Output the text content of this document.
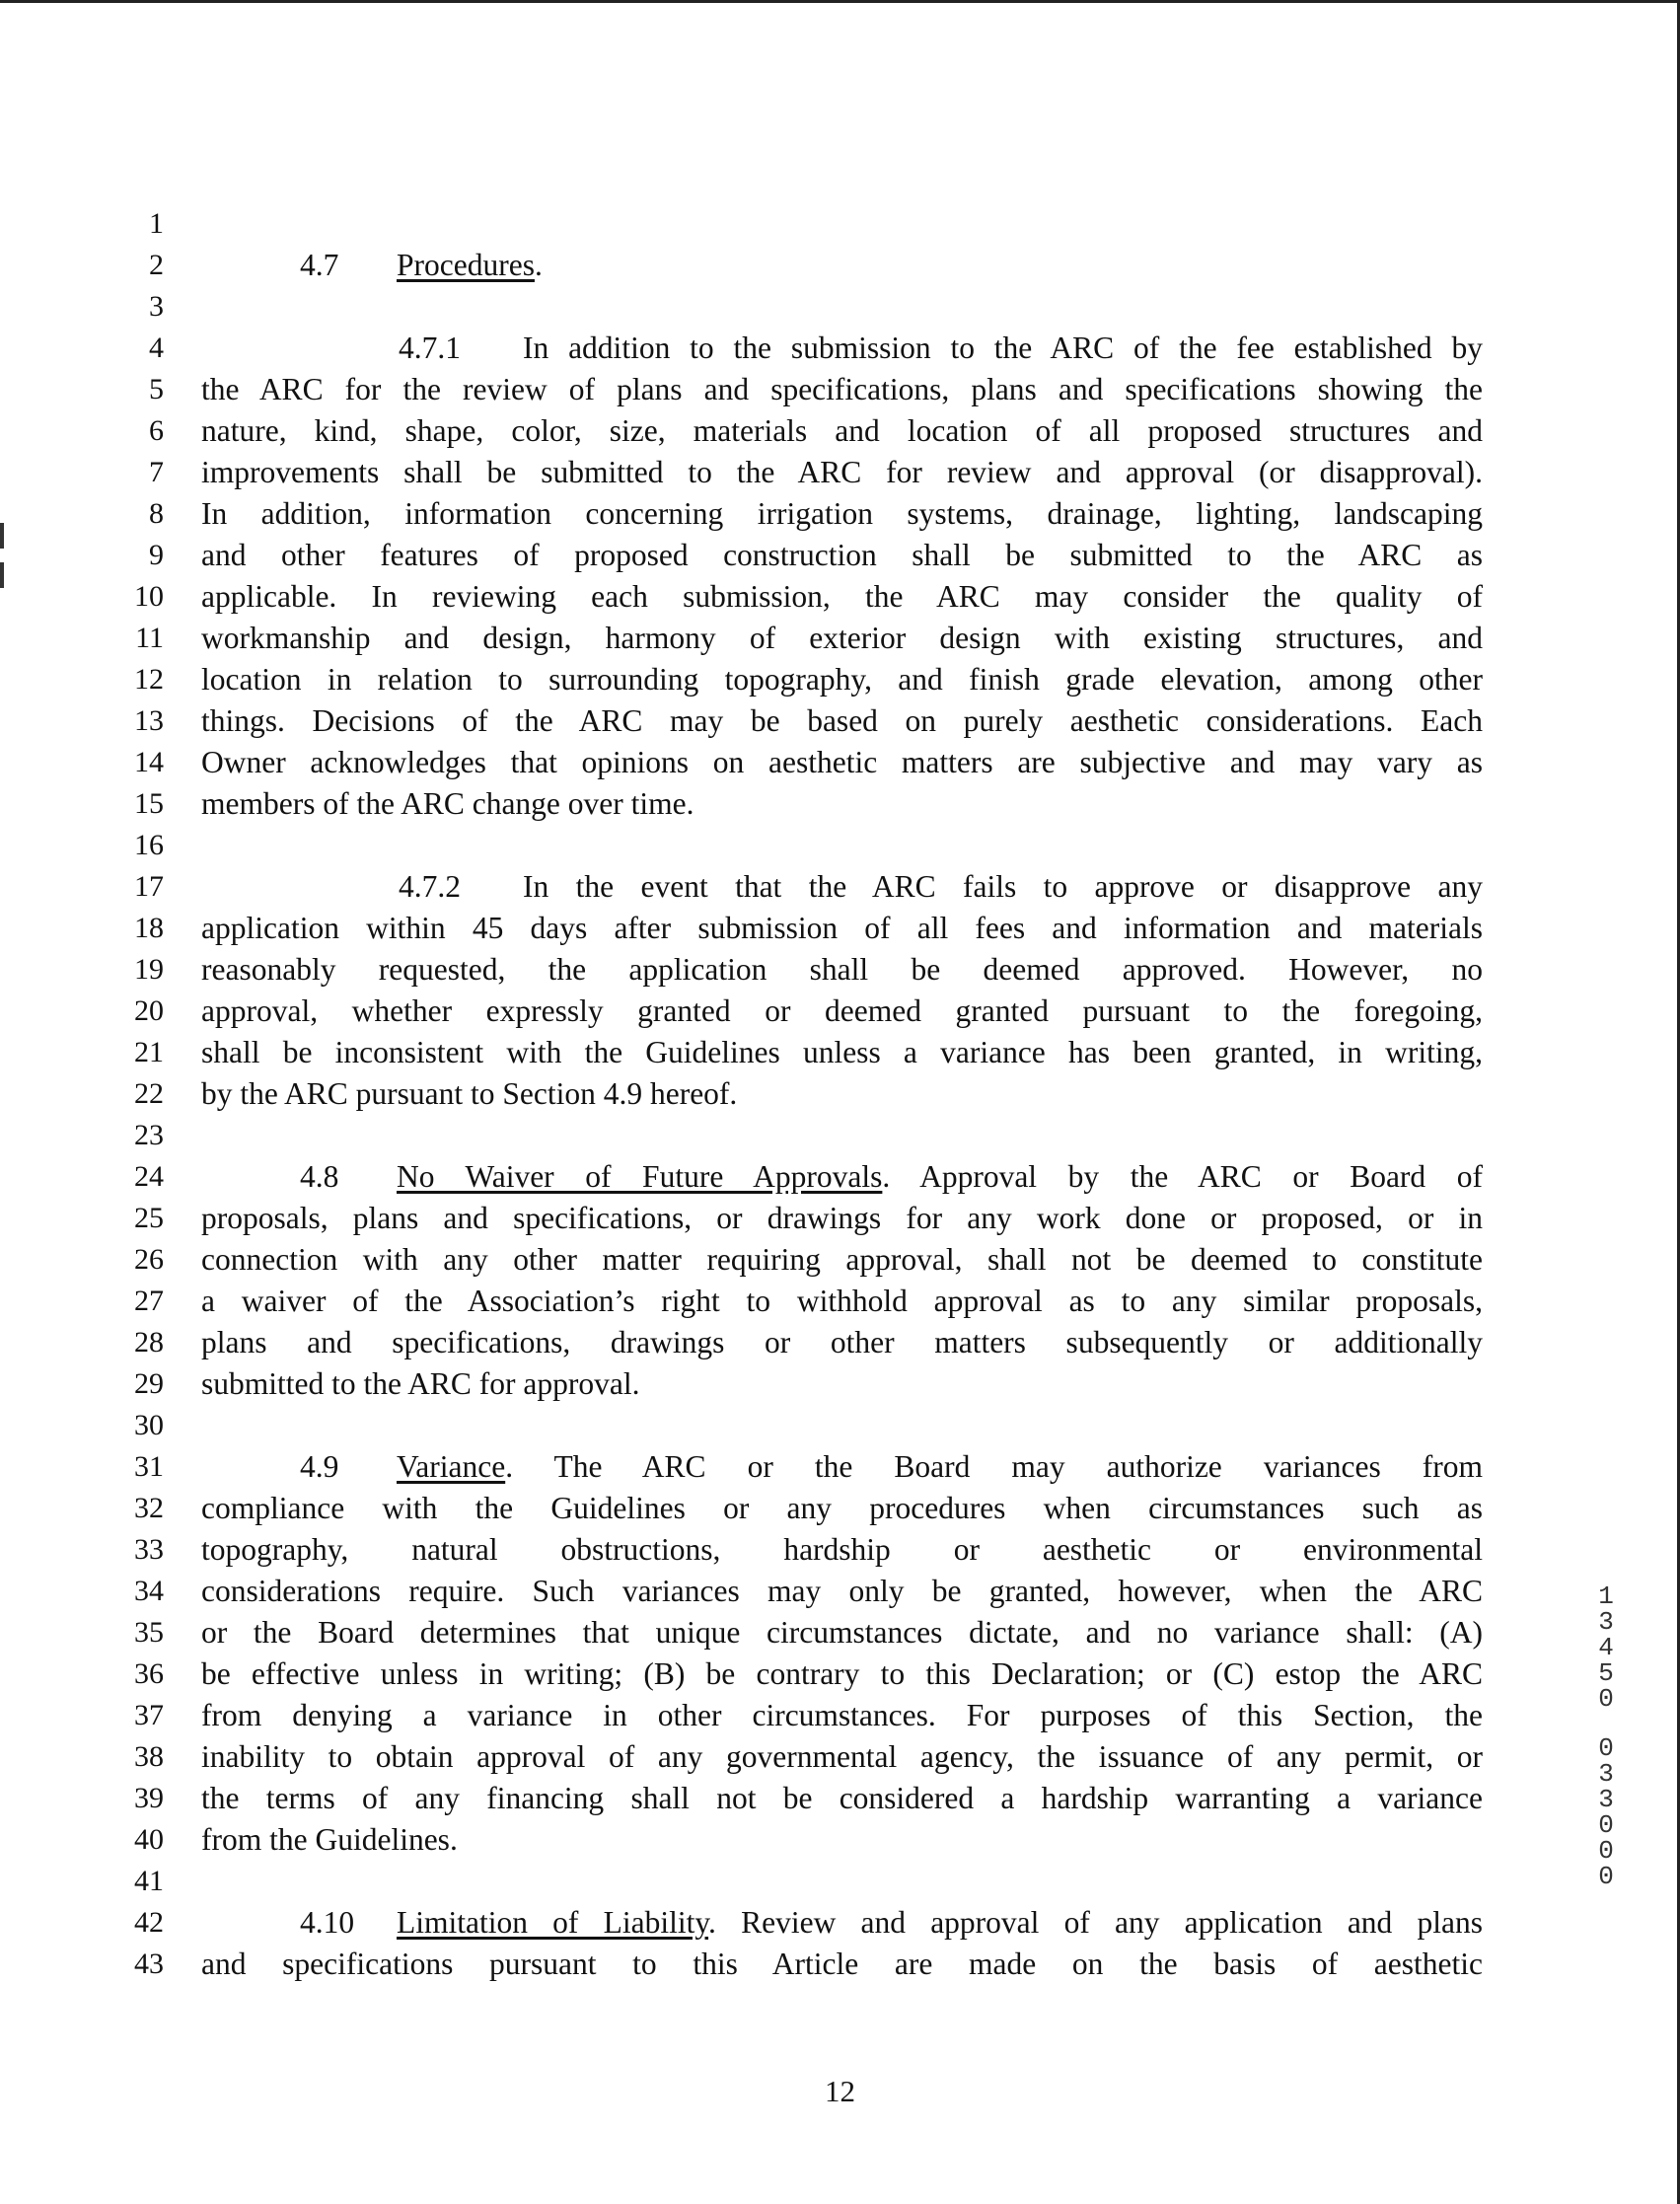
1
2
3
4
5
6
7
8
9
10
11
12
13
14
15
16
17
18
19
20
21
22
23
24
25
26
27
28
29
30
31
32
33
34
35
36
37
38
39
40
41
42
43
4.7 Procedures.
4.7.1  In addition to the submission to the ARC of the fee established by
the ARC for the review of plans and specifications, plans and specifications showing the
nature, kind, shape, color, size, materials and location of all proposed structures and
improvements shall be submitted to the ARC for review and approval (or disapproval).
In addition, information concerning irrigation systems, drainage, lighting, landscaping
and other features of proposed construction shall be submitted to the ARC as
applicable. In reviewing each submission, the ARC may consider the quality of
workmanship and design, harmony of exterior design with existing structures, and
location in relation to surrounding topography, and finish grade elevation, among other
things. Decisions of the ARC may be based on purely aesthetic considerations. Each
Owner acknowledges that opinions on aesthetic matters are subjective and may vary as
members of the ARC change over time.
4.7.2  In the event that the ARC fails to approve or disapprove any
application within 45 days after submission of all fees and information and materials
reasonably requested, the application shall be deemed approved. However, no
approval, whether expressly granted or deemed granted pursuant to the foregoing,
shall be inconsistent with the Guidelines unless a variance has been granted, in writing,
by the ARC pursuant to Section 4.9 hereof.
4.8 No Waiver of Future Approvals. Approval by the ARC or Board of
proposals, plans and specifications, or drawings for any work done or proposed, or in
connection with any other matter requiring approval, shall not be deemed to constitute
a waiver of the Association’s right to withhold approval as to any similar proposals,
plans and specifications, drawings or other matters subsequently or additionally
submitted to the ARC for approval.
4.9 Variance. The ARC or the Board may authorize variances from
compliance with the Guidelines or any procedures when circumstances such as
topography, natural obstructions, hardship or aesthetic or environmental
considerations require. Such variances may only be granted, however, when the ARC
or the Board determines that unique circumstances dictate, and no variance shall: (A)
be effective unless in writing; (B) be contrary to this Declaration; or (C) estop the ARC
from denying a variance in other circumstances. For purposes of this Section, the
inability to obtain approval of any governmental agency, the issuance of any permit, or
the terms of any financing shall not be considered a hardship warranting a variance
from the Guidelines.
4.10 Limitation of Liability. Review and approval of any application and plans
and specifications pursuant to this Article are made on the basis of aesthetic
12
1
3
4
5
0
0
3
3
0
0
0
